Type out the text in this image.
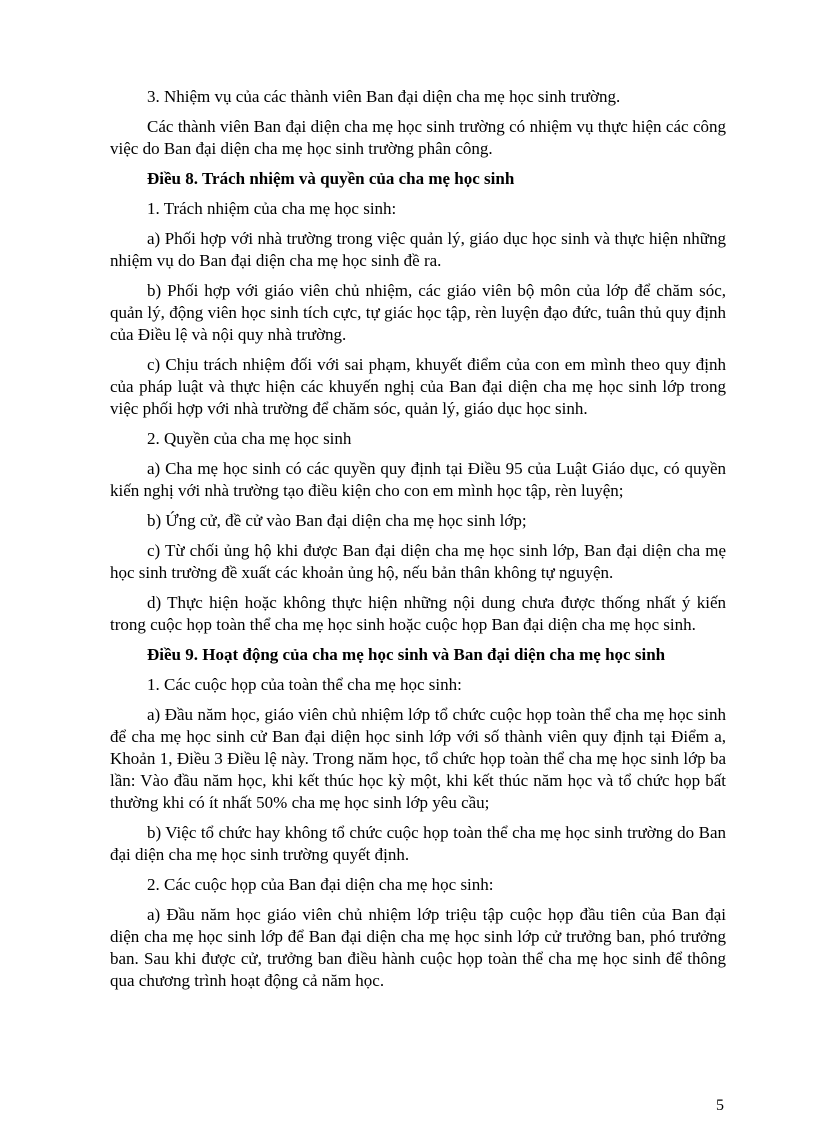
3. Nhiệm vụ của các thành viên Ban đại diện cha mẹ học sinh trường.

Các thành viên Ban đại diện cha mẹ học sinh trường có nhiệm vụ thực hiện các công việc do Ban đại diện cha mẹ học sinh trường phân công.

Điều 8. Trách nhiệm và quyền của cha mẹ học sinh

1. Trách nhiệm của cha mẹ học sinh:

a) Phối hợp với nhà trường trong việc quản lý, giáo dục học sinh và thực hiện những nhiệm vụ do Ban đại diện cha mẹ học sinh đề ra.

b) Phối hợp với giáo viên chủ nhiệm, các giáo viên bộ môn của lớp để chăm sóc, quản lý, động viên học sinh tích cực, tự giác học tập, rèn luyện đạo đức, tuân thủ quy định của Điều lệ và nội quy nhà trường.

c) Chịu trách nhiệm đối với sai phạm, khuyết điểm của con em mình theo quy định của pháp luật và thực hiện các khuyến nghị của Ban đại diện cha mẹ học sinh lớp trong việc phối hợp với nhà trường để chăm sóc, quản lý, giáo dục học sinh.

2. Quyền của cha mẹ học sinh

a) Cha mẹ học sinh có các quyền quy định tại Điều 95 của Luật Giáo dục, có quyền kiến nghị với nhà trường tạo điều kiện cho con em mình học tập, rèn luyện;

b) Ứng cử, đề cử vào Ban đại diện cha mẹ học sinh lớp;

c) Từ chối ủng hộ khi được Ban đại diện cha mẹ học sinh lớp, Ban đại diện cha mẹ học sinh trường đề xuất các khoản ủng hộ, nếu bản thân không tự nguyện.

d) Thực hiện hoặc không thực hiện những nội dung chưa được thống nhất ý kiến trong cuộc họp toàn thể cha mẹ học sinh hoặc cuộc họp Ban đại diện cha mẹ học sinh.

Điều 9. Hoạt động của cha mẹ học sinh và Ban đại diện cha mẹ học sinh

1. Các cuộc họp của toàn thể cha mẹ học sinh:

a) Đầu năm học, giáo viên chủ nhiệm lớp tổ chức cuộc họp toàn thể cha mẹ học sinh để cha mẹ học sinh cử Ban đại diện học sinh lớp với số thành viên quy định tại Điểm a, Khoản 1, Điều 3 Điều lệ này. Trong năm học, tổ chức họp toàn thể cha mẹ học sinh lớp ba lần: Vào đầu năm học, khi kết thúc học kỳ một, khi kết thúc năm học và tổ chức họp bất thường khi có ít nhất 50% cha mẹ học sinh lớp yêu cầu;

b) Việc tổ chức hay không tổ chức cuộc họp toàn thể cha mẹ học sinh trường do Ban đại diện cha mẹ học sinh trường quyết định.

2. Các cuộc họp của Ban đại diện cha mẹ học sinh:

a) Đầu năm học giáo viên chủ nhiệm lớp triệu tập cuộc họp đầu tiên của Ban đại diện cha mẹ học sinh lớp để Ban đại diện cha mẹ học sinh lớp cử trưởng ban, phó trưởng ban. Sau khi được cử, trưởng ban điều hành cuộc họp toàn thể cha mẹ học sinh để thông qua chương trình hoạt động cả năm học.

5
